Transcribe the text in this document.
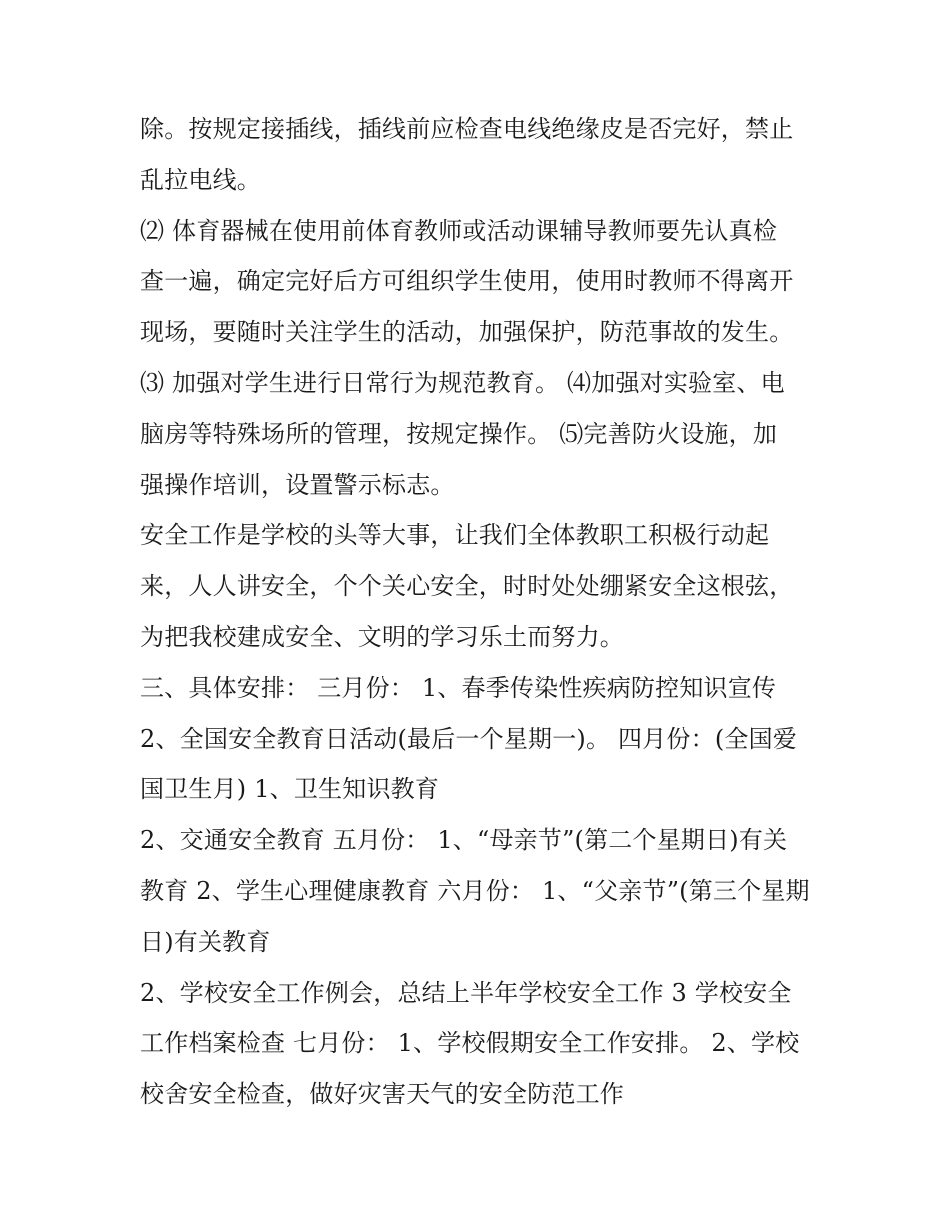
除。按规定接插线，插线前应检查电线绝缘皮是否完好，禁止
乱拉电线。
⑵ 体育器械在使用前体育教师或活动课辅导教师要先认真检
查一遍，确定完好后方可组织学生使用，使用时教师不得离开
现场，要随时关注学生的活动，加强保护，防范事故的发生。
⑶ 加强对学生进行日常行为规范教育。 ⑷加强对实验室、电
脑房等特殊场所的管理，按规定操作。 ⑸完善防火设施，加
强操作培训，设置警示标志。
安全工作是学校的头等大事，让我们全体教职工积极行动起
来，人人讲安全，个个关心安全，时时处处绷紧安全这根弦，
为把我校建成安全、文明的学习乐土而努力。
三、具体安排： 三月份： 1、春季传染性疾病防控知识宣传
2、全国安全教育日活动(最后一个星期一)。 四月份：(全国爱
国卫生月) 1、卫生知识教育
2、交通安全教育 五月份： 1、“母亲节”(第二个星期日)有关
教育 2、学生心理健康教育 六月份： 1、“父亲节”(第三个星期
日)有关教育
2、学校安全工作例会，总结上半年学校安全工作 3 学校安全
工作档案检查 七月份： 1、学校假期安全工作安排。 2、学校
校舍安全检查，做好灾害天气的安全防范工作
